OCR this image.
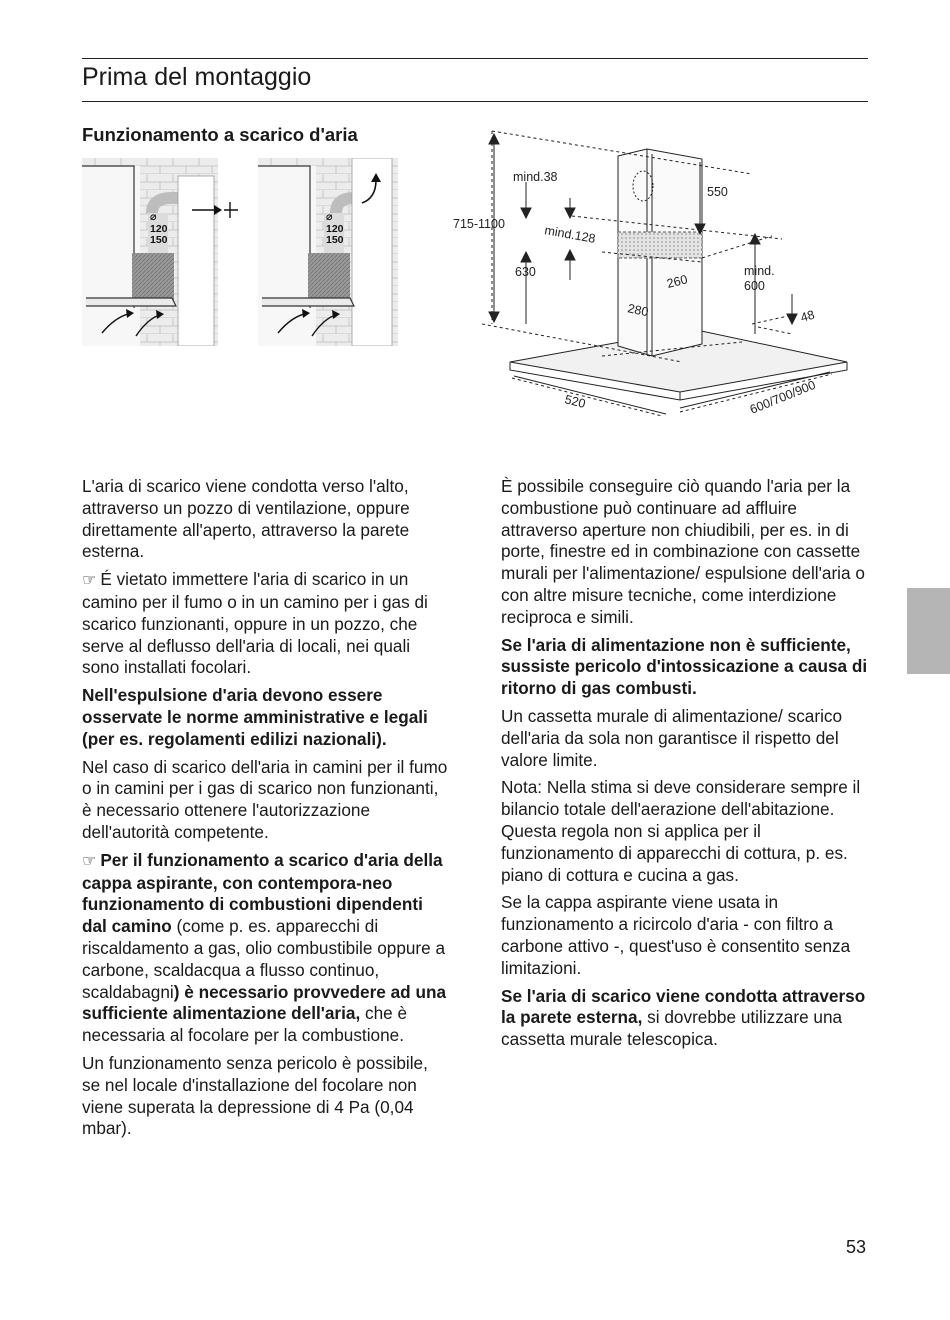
Prima del montaggio
Funzionamento a scarico d'aria
⌀
120
150
⌀
120
150
mind.38
715-1100	mind.128
550
630
260
mind.
600
280	48
520	600/700/900

L'aria di scarico viene condotta verso l'alto, attraverso un pozzo di ventilazione, oppure direttamente all'aperto, attraverso la parete esterna.

☞ É vietato immettere l'aria di scarico in un camino per il fumo o in un camino per i gas di scarico funzionanti, oppure in un pozzo, che serve al deflusso dell'aria di locali, nei quali sono installati focolari.

Nell'espulsione d'aria devono essere osservate le norme amministrative e legali (per es. regolamenti edilizi nazionali).

Nel caso di scarico dell'aria in camini per il fumo o in camini per i gas di scarico non funzionanti, è necessario ottenere l'autorizzazione dell'autorità competente.

☞ Per il funzionamento a scarico d'aria della cappa aspirante, con contempora-neo funzionamento di combustioni dipendenti dal camino (come p. es. apparecchi di riscaldamento a gas, olio combustibile oppure a carbone, scaldacqua a flusso continuo, scaldabagni) è necessario provvedere ad una sufficiente alimentazione dell'aria, che è necessaria al focolare per la combustione.

Un funzionamento senza pericolo è possibile, se nel locale d'installazione del focolare non viene superata la depressione di 4 Pa (0,04 mbar).

È possibile conseguire ciò quando l'aria per la combustione può continuare ad affluire attraverso aperture non chiudibili, per es. in di porte, finestre ed in combinazione con cassette murali per l'alimentazione/ espulsione dell'aria o con altre misure tecniche, come interdizione reciproca e simili.

Se l'aria di alimentazione non è sufficiente, sussiste pericolo d'intossicazione a causa di ritorno di gas combusti.

Un cassetta murale di alimentazione/ scarico dell'aria da sola non garantisce il rispetto del valore limite.

Nota: Nella stima si deve considerare sempre il bilancio totale dell'aerazione dell'abitazione. Questa regola non si applica per il funzionamento di apparecchi di cottura, p. es. piano di cottura e cucina a gas.

Se la cappa aspirante viene usata in funzionamento a ricircolo d'aria - con filtro a carbone attivo -, quest'uso è consentito senza limitazioni.

Se l'aria di scarico viene condotta attraverso la parete esterna, si dovrebbe utilizzare una cassetta murale telescopica.

53
